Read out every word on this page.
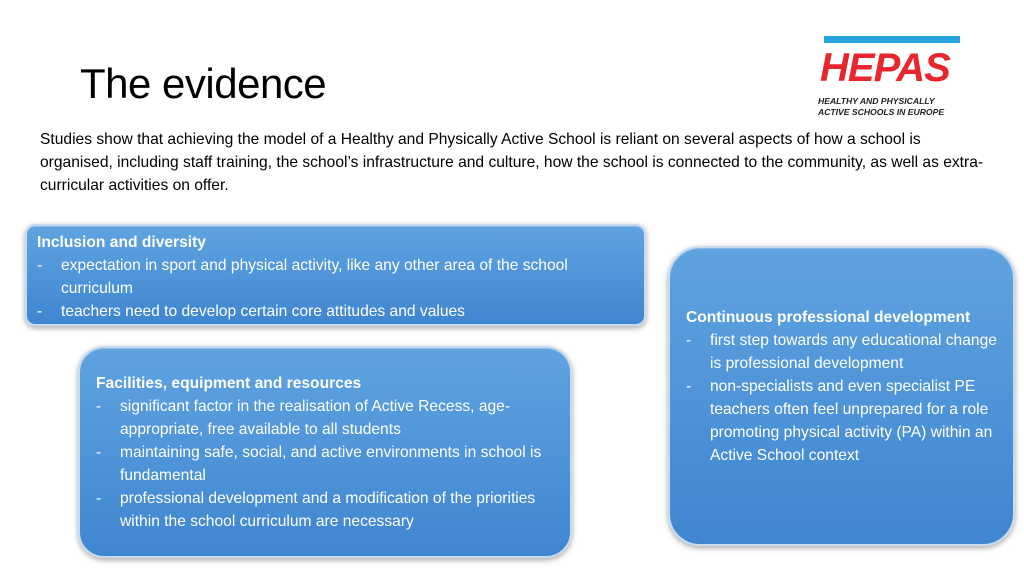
The evidence	HEPAS
HEALTHY AND PHYSICALLY
ACTIVE SCHOOLS IN EUROPE

Studies show that achieving the model of a Healthy and Physically Active School is reliant on several aspects of how a school is organised, including staff training, the school’s infrastructure and culture, how the school is connected to the community, as well as extra-curricular activities on offer.

Inclusion and diversity
-	expectation in sport and physical activity, like any other area of the school curriculum
-	teachers need to develop certain core attitudes and values
Facilities, equipment and resources
-	significant factor in the realisation of Active Recess, age-appropriate, free available to all students
-	maintaining safe, social, and active environments in school is fundamental
-	professional development and a modification of the priorities within the school curriculum are necessary
Continuous professional development
-	first step towards any educational change is professional development
-	non-specialists and even specialist PE teachers often feel unprepared for a role promoting physical activity (PA) within an Active School context
